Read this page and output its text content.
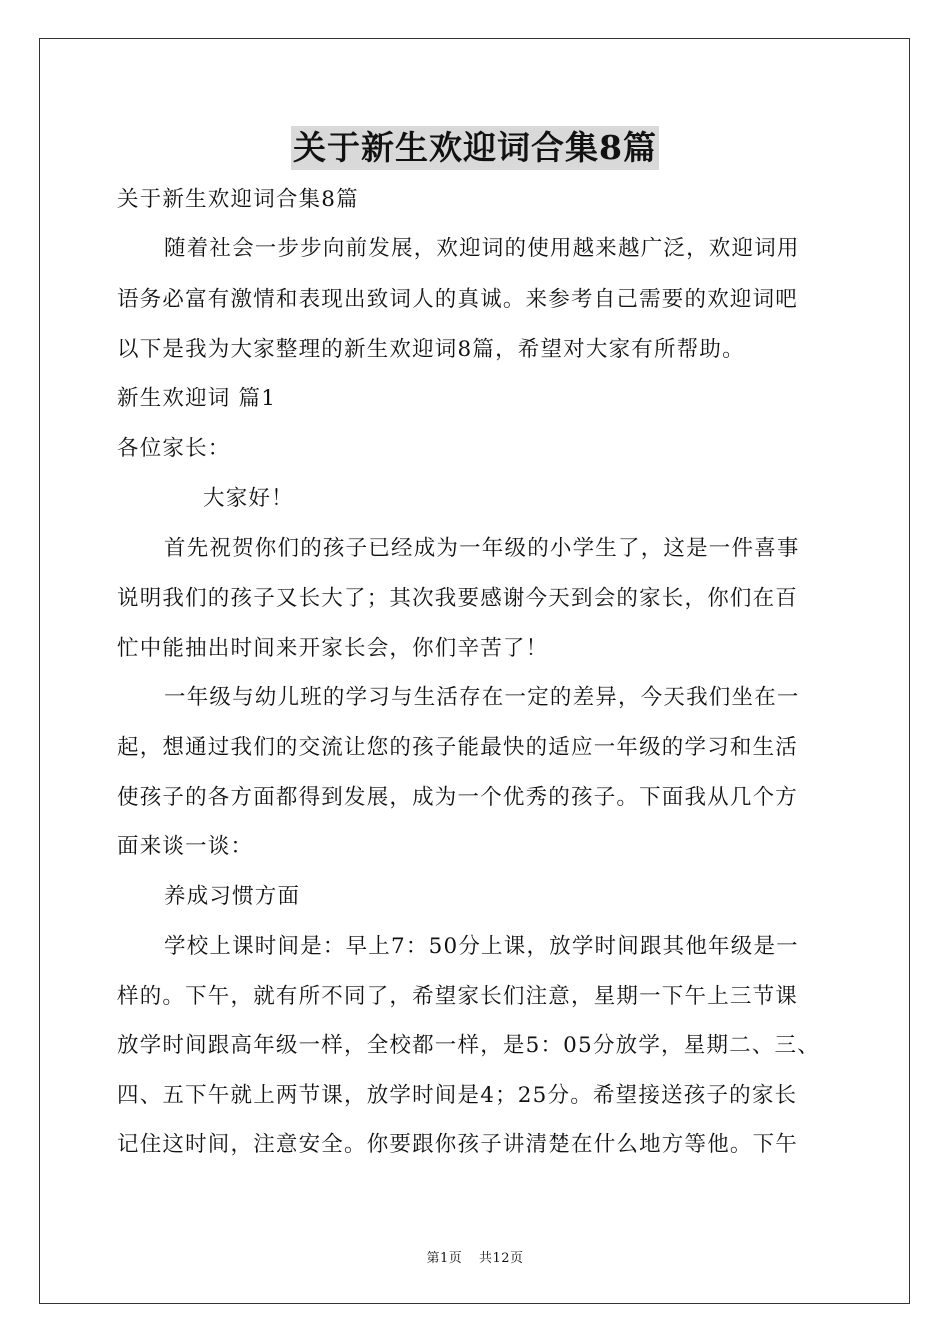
关于新生欢迎词合集8篇
关于新生欢迎词合集8篇
随着社会一步步向前发展，欢迎词的使用越来越广泛，欢迎词用
语务必富有激情和表现出致词人的真诚。来参考自己需要的欢迎词吧
以下是我为大家整理的新生欢迎词8篇，希望对大家有所帮助。
新生欢迎词 篇1
各位家长：
大家好！
首先祝贺你们的孩子已经成为一年级的小学生了，这是一件喜事
说明我们的孩子又长大了；其次我要感谢今天到会的家长，你们在百
忙中能抽出时间来开家长会，你们辛苦了！
一年级与幼儿班的学习与生活存在一定的差异，今天我们坐在一
起，想通过我们的交流让您的孩子能最快的适应一年级的学习和生活
使孩子的各方面都得到发展，成为一个优秀的孩子。下面我从几个方
面来谈一谈：
养成习惯方面
学校上课时间是：早上7：50分上课，放学时间跟其他年级是一
样的。下午，就有所不同了，希望家长们注意，星期一下午上三节课
放学时间跟高年级一样，全校都一样，是5：05分放学，星期二、三、
四、五下午就上两节课，放学时间是4；25分。希望接送孩子的家长
记住这时间，注意安全。你要跟你孩子讲清楚在什么地方等他。下午
第1页 共12页
